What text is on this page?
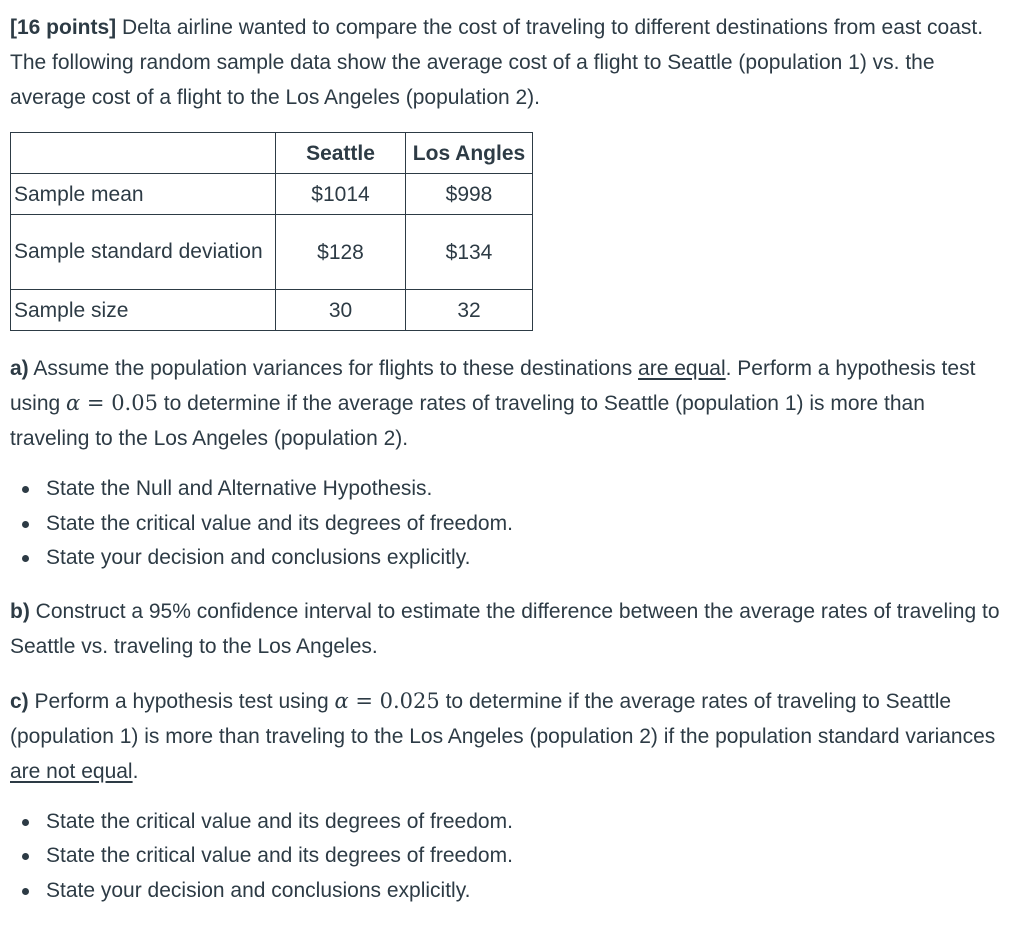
[16 points] Delta airline wanted to compare the cost of traveling to different destinations from east coast. The following random sample data show the average cost of a flight to Seattle (population 1) vs. the average cost of a flight to the Los Angeles (population 2).

	Seattle	Los Angles
Sample mean	$1014	$998
Sample standard deviation	$128	$134
Sample size	30	32

a) Assume the population variances for flights to these destinations are equal. Perform a hypothesis test using α = 0.05 to determine if the average rates of traveling to Seattle (population 1) is more than traveling to the Los Angeles (population 2).

State the Null and Alternative Hypothesis.
State the critical value and its degrees of freedom.
State your decision and conclusions explicitly.

b) Construct a 95% confidence interval to estimate the difference between the average rates of traveling to Seattle vs. traveling to the Los Angeles.

c) Perform a hypothesis test using α = 0.025 to determine if the average rates of traveling to Seattle (population 1) is more than traveling to the Los Angeles (population 2) if the population standard variances are not equal.

State the critical value and its degrees of freedom.
State the critical value and its degrees of freedom.
State your decision and conclusions explicitly.
